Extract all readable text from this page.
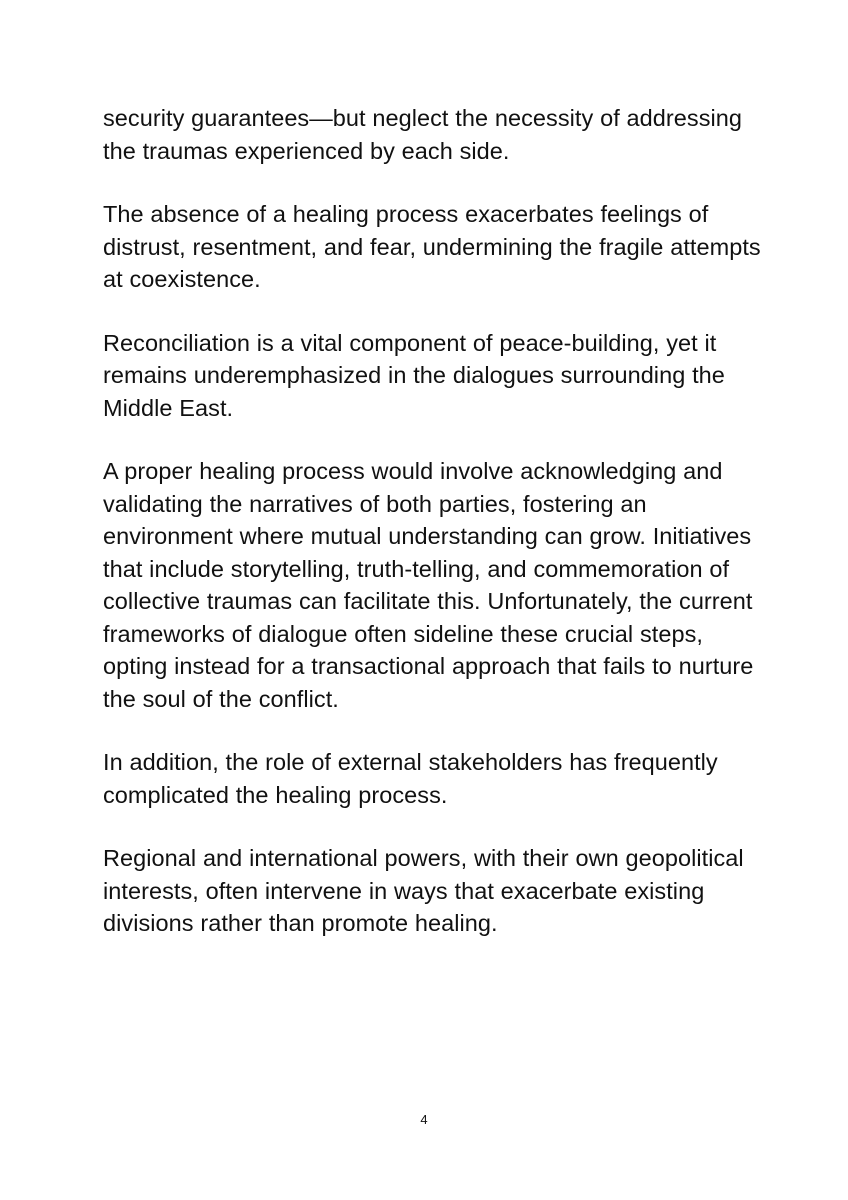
security guarantees—but neglect the necessity of addressing the traumas experienced by each side.

The absence of a healing process exacerbates feelings of distrust, resentment, and fear, undermining the fragile attempts at coexistence.

Reconciliation is a vital component of peace-building, yet it remains underemphasized in the dialogues surrounding the Middle East.

A proper healing process would involve acknowledging and validating the narratives of both parties, fostering an environment where mutual understanding can grow. Initiatives that include storytelling, truth-telling, and commemoration of collective traumas can facilitate this. Unfortunately, the current frameworks of dialogue often sideline these crucial steps, opting instead for a transactional approach that fails to nurture the soul of the conflict.

In addition, the role of external stakeholders has frequently complicated the healing process.

Regional and international powers, with their own geopolitical interests, often intervene in ways that exacerbate existing divisions rather than promote healing.

4
